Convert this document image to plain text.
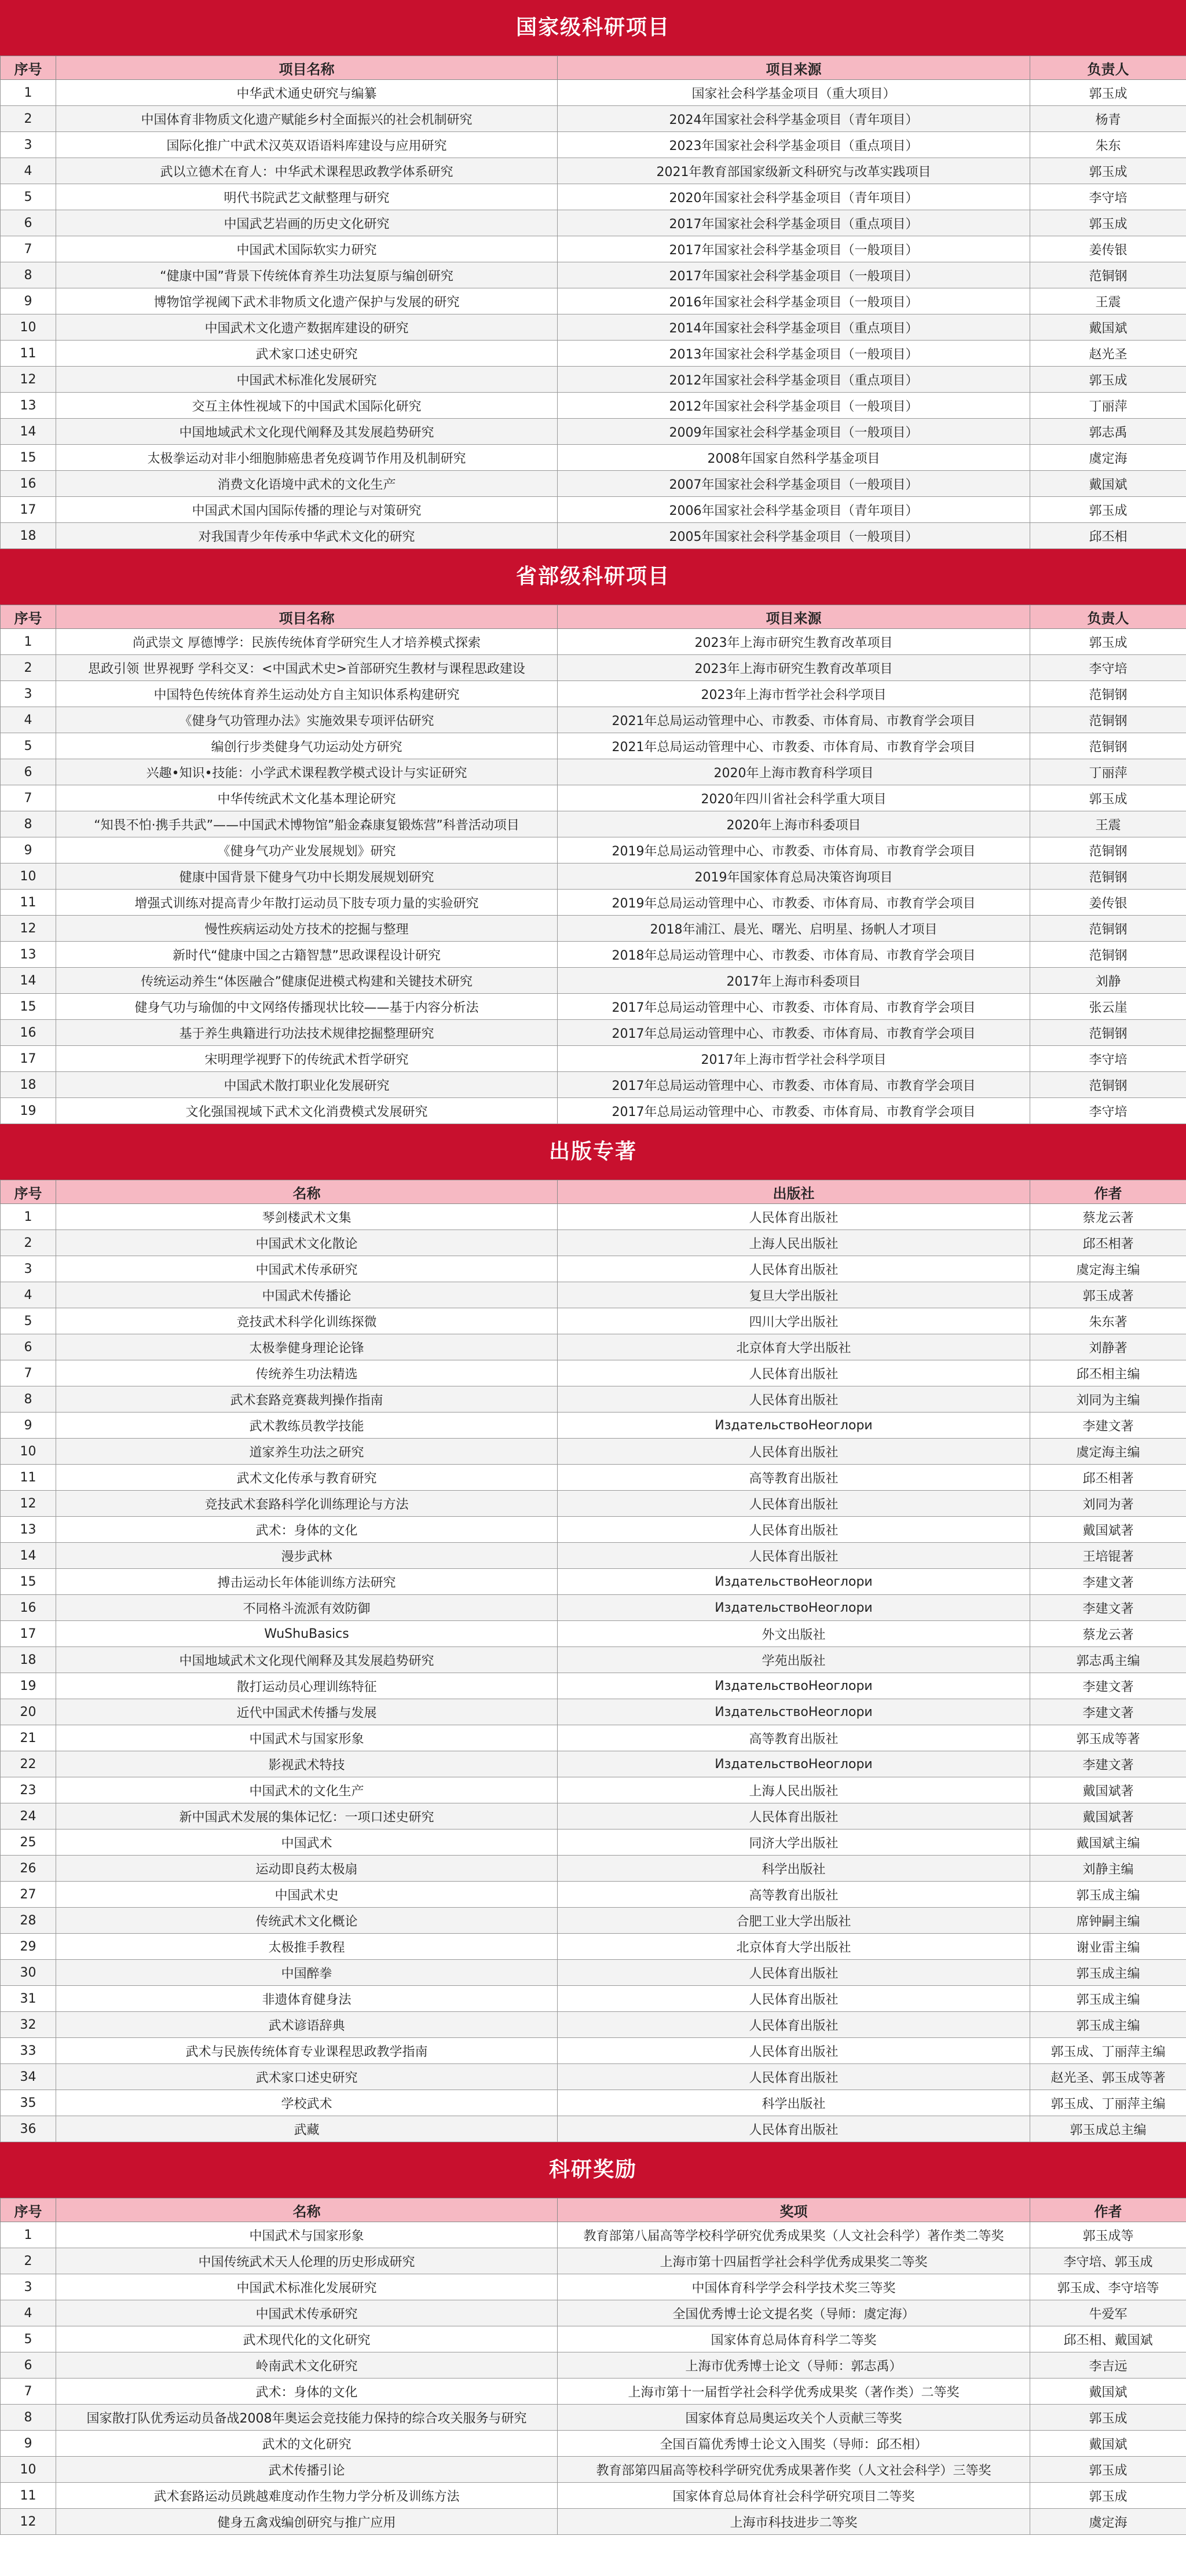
国家级科研项目
序号	项目名称	项目来源	负责人
1	中华武术通史研究与编纂	国家社会科学基金项目（重大项目）	郭玉成
2	中国体育非物质文化遗产赋能乡村全面振兴的社会机制研究	2024年国家社会科学基金项目（青年项目）	杨青
3	国际化推广中武术汉英双语语料库建设与应用研究	2023年国家社会科学基金项目（重点项目）	朱东
4	武以立德术在育人：中华武术课程思政教学体系研究	2021年教育部国家级新文科研究与改革实践项目	郭玉成
5	明代书院武艺文献整理与研究	2020年国家社会科学基金项目（青年项目）	李守培
6	中国武艺岩画的历史文化研究	2017年国家社会科学基金项目（重点项目）	郭玉成
7	中国武术国际软实力研究	2017年国家社会科学基金项目（一般项目）	姜传银
8	“健康中国”背景下传统体育养生功法复原与编创研究	2017年国家社会科学基金项目（一般项目）	范铜钢
9	博物馆学视阈下武术非物质文化遗产保护与发展的研究	2016年国家社会科学基金项目（一般项目）	王震
10	中国武术文化遗产数据库建设的研究	2014年国家社会科学基金项目（重点项目）	戴国斌
11	武术家口述史研究	2013年国家社会科学基金项目（一般项目）	赵光圣
12	中国武术标准化发展研究	2012年国家社会科学基金项目（重点项目）	郭玉成
13	交互主体性视域下的中国武术国际化研究	2012年国家社会科学基金项目（一般项目）	丁丽萍
14	中国地域武术文化现代阐释及其发展趋势研究	2009年国家社会科学基金项目（一般项目）	郭志禹
15	太极拳运动对非小细胞肺癌患者免疫调节作用及机制研究	2008年国家自然科学基金项目	虞定海
16	消费文化语境中武术的文化生产	2007年国家社会科学基金项目（一般项目）	戴国斌
17	中国武术国内国际传播的理论与对策研究	2006年国家社会科学基金项目（青年项目）	郭玉成
18	对我国青少年传承中华武术文化的研究	2005年国家社会科学基金项目（一般项目）	邱丕相
省部级科研项目
序号	项目名称	项目来源	负责人
1	尚武崇文 厚德博学：民族传统体育学研究生人才培养模式探索	2023年上海市研究生教育改革项目	郭玉成
2	思政引领 世界视野 学科交叉：<中国武术史>首部研究生教材与课程思政建设	2023年上海市研究生教育改革项目	李守培
3	中国特色传统体育养生运动处方自主知识体系构建研究	2023年上海市哲学社会科学项目	范铜钢
4	《健身气功管理办法》实施效果专项评估研究	2021年总局运动管理中心、市教委、市体育局、市教育学会项目	范铜钢
5	编创行步类健身气功运动处方研究	2021年总局运动管理中心、市教委、市体育局、市教育学会项目	范铜钢
6	兴趣•知识•技能：小学武术课程教学模式设计与实证研究	2020年上海市教育科学项目	丁丽萍
7	中华传统武术文化基本理论研究	2020年四川省社会科学重大项目	郭玉成
8	“知畏不怕·携手共武”——中国武术博物馆”船金森康复锻炼营”科普活动项目	2020年上海市科委项目	王震
9	《健身气功产业发展规划》研究	2019年总局运动管理中心、市教委、市体育局、市教育学会项目	范铜钢
10	健康中国背景下健身气功中长期发展规划研究	2019年国家体育总局决策咨询项目	范铜钢
11	增强式训练对提高青少年散打运动员下肢专项力量的实验研究	2019年总局运动管理中心、市教委、市体育局、市教育学会项目	姜传银
12	慢性疾病运动处方技术的挖掘与整理	2018年浦江、晨光、曙光、启明星、扬帆人才项目	范铜钢
13	新时代“健康中国之古籍智慧”思政课程设计研究	2018年总局运动管理中心、市教委、市体育局、市教育学会项目	范铜钢
14	传统运动养生“体医融合”健康促进模式构建和关键技术研究	2017年上海市科委项目	刘静
15	健身气功与瑜伽的中文网络传播现状比较——基于内容分析法	2017年总局运动管理中心、市教委、市体育局、市教育学会项目	张云崖
16	基于养生典籍进行功法技术规律挖掘整理研究	2017年总局运动管理中心、市教委、市体育局、市教育学会项目	范铜钢
17	宋明理学视野下的传统武术哲学研究	2017年上海市哲学社会科学项目	李守培
18	中国武术散打职业化发展研究	2017年总局运动管理中心、市教委、市体育局、市教育学会项目	范铜钢
19	文化强国视域下武术文化消费模式发展研究	2017年总局运动管理中心、市教委、市体育局、市教育学会项目	李守培
出版专著
序号	名称	出版社	作者
1	琴剑楼武术文集	人民体育出版社	蔡龙云著
2	中国武术文化散论	上海人民出版社	邱丕相著
3	中国武术传承研究	人民体育出版社	虞定海主编
4	中国武术传播论	复旦大学出版社	郭玉成著
5	竞技武术科学化训练探微	四川大学出版社	朱东著
6	太极拳健身理论论锋	北京体育大学出版社	刘静著
7	传统养生功法精选	人民体育出版社	邱丕相主编
8	武术套路竞赛裁判操作指南	人民体育出版社	刘同为主编
9	武术教练员教学技能	ИздательствоНеоглори	李建文著
10	道家养生功法之研究	人民体育出版社	虞定海主编
11	武术文化传承与教育研究	高等教育出版社	邱丕相著
12	竞技武术套路科学化训练理论与方法	人民体育出版社	刘同为著
13	武术：身体的文化	人民体育出版社	戴国斌著
14	漫步武林	人民体育出版社	王培锟著
15	搏击运动长年体能训练方法研究	ИздательствоНеоглори	李建文著
16	不同格斗流派有效防御	ИздательствоНеоглори	李建文著
17	WuShuBasics	外文出版社	蔡龙云著
18	中国地域武术文化现代阐释及其发展趋势研究	学苑出版社	郭志禹主编
19	散打运动员心理训练特征	ИздательствоНеоглори	李建文著
20	近代中国武术传播与发展	ИздательствоНеоглори	李建文著
21	中国武术与国家形象	高等教育出版社	郭玉成等著
22	影视武术特技	ИздательствоНеоглори	李建文著
23	中国武术的文化生产	上海人民出版社	戴国斌著
24	新中国武术发展的集体记忆：一项口述史研究	人民体育出版社	戴国斌著
25	中国武术	同济大学出版社	戴国斌主编
26	运动即良药太极扇	科学出版社	刘静主编
27	中国武术史	高等教育出版社	郭玉成主编
28	传统武术文化概论	合肥工业大学出版社	席钟嗣主编
29	太极推手教程	北京体育大学出版社	谢业雷主编
30	中国醉拳	人民体育出版社	郭玉成主编
31	非遗体育健身法	人民体育出版社	郭玉成主编
32	武术谚语辞典	人民体育出版社	郭玉成主编
33	武术与民族传统体育专业课程思政教学指南	人民体育出版社	郭玉成、丁丽萍主编
34	武术家口述史研究	人民体育出版社	赵光圣、郭玉成等著
35	学校武术	科学出版社	郭玉成、丁丽萍主编
36	武藏	人民体育出版社	郭玉成总主编
科研奖励
序号	名称	奖项	作者
1	中国武术与国家形象	教育部第八届高等学校科学研究优秀成果奖（人文社会科学）著作类二等奖	郭玉成等
2	中国传统武术天人伦理的历史形成研究	上海市第十四届哲学社会科学优秀成果奖二等奖	李守培、郭玉成
3	中国武术标准化发展研究	中国体育科学学会科学技术奖三等奖	郭玉成、李守培等
4	中国武术传承研究	全国优秀博士论文提名奖（导师：虞定海）	牛爱军
5	武术现代化的文化研究	国家体育总局体育科学二等奖	邱丕相、戴国斌
6	岭南武术文化研究	上海市优秀博士论文（导师：郭志禹）	李吉远
7	武术：身体的文化	上海市第十一届哲学社会科学优秀成果奖（著作类）二等奖	戴国斌
8	国家散打队优秀运动员备战2008年奥运会竞技能力保持的综合攻关服务与研究	国家体育总局奥运攻关个人贡献三等奖	郭玉成
9	武术的文化研究	全国百篇优秀博士论文入围奖（导师：邱丕相）	戴国斌
10	武术传播引论	教育部第四届高等校科学研究优秀成果著作奖（人文社会科学）三等奖	郭玉成
11	武术套路运动员跳越难度动作生物力学分析及训练方法	国家体育总局体育社会科学研究项目二等奖	郭玉成
12	健身五禽戏编创研究与推广应用	上海市科技进步二等奖	虞定海
